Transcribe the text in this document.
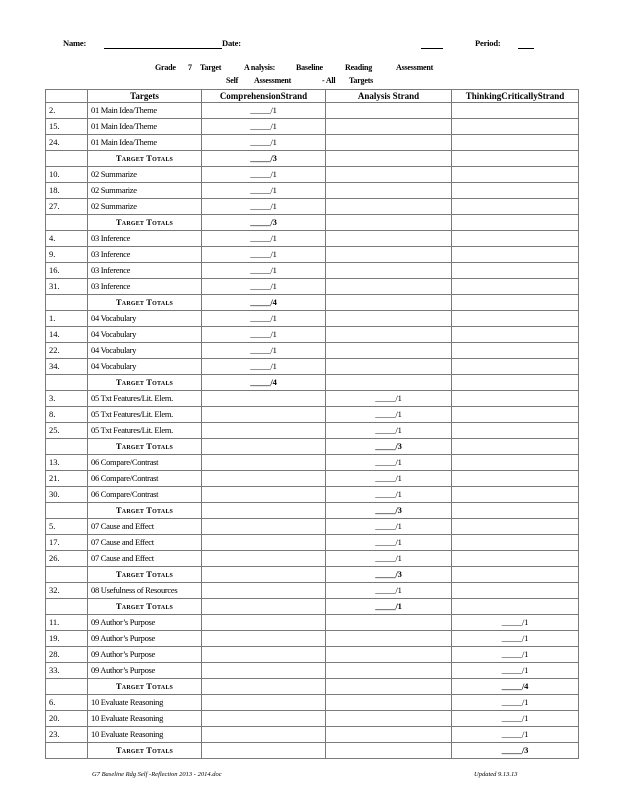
Name:	Date:	Period:
Grade 7 Target	A nalysis:	Baseline	Reading	Assessment
Self Assessment	- All Targets
	Targets	ComprehensionStrand	Analysis Strand	ThinkingCriticallyStrand
2.	01 Main Idea/Theme	_____/1		
15.	01 Main Idea/Theme	_____/1		
24.	01 Main Idea/Theme	_____/1		
	Target Totals	_____/3		
10.	02 Summarize	_____/1		
18.	02 Summarize	_____/1		
27.	02 Summarize	_____/1		
	Target Totals	_____/3		
4.	03 Inference	_____/1		
9.	03 Inference	_____/1		
16.	03 Inference	_____/1		
31.	03 Inference	_____/1		
	Target Totals	_____/4		
1.	04 Vocabulary	_____/1		
14.	04 Vocabulary	_____/1		
22.	04 Vocabulary	_____/1		
34.	04 Vocabulary	_____/1		
	Target Totals	_____/4		
3.	05 Txt Features/Lit. Elem.		_____/1	
8.	05 Txt Features/Lit. Elem.		_____/1	
25.	05 Txt Features/Lit. Elem.		_____/1	
	Target Totals		_____/3	
13.	06 Compare/Contrast		_____/1	
21.	06 Compare/Contrast		_____/1	
30.	06 Compare/Contrast		_____/1	
	Target Totals		_____/3	
5.	07 Cause and Effect		_____/1	
17.	07 Cause and Effect		_____/1	
26.	07 Cause and Effect		_____/1	
	Target Totals		_____/3	
32.	08 Usefulness of Resources		_____/1	
	Target Totals		_____/1	
11.	09 Author’s Purpose			_____/1
19.	09 Author’s Purpose			_____/1
28.	09 Author’s Purpose			_____/1
33.	09 Author’s Purpose			_____/1
	Target Totals			_____/4
6.	10 Evaluate Reasoning			_____/1
20.	10 Evaluate Reasoning			_____/1
23.	10 Evaluate Reasoning			_____/1
	Target Totals			_____/3
G7 Baseline Rdg Self -Reflection 2013 - 2014.doc	Updated 9.13.13
